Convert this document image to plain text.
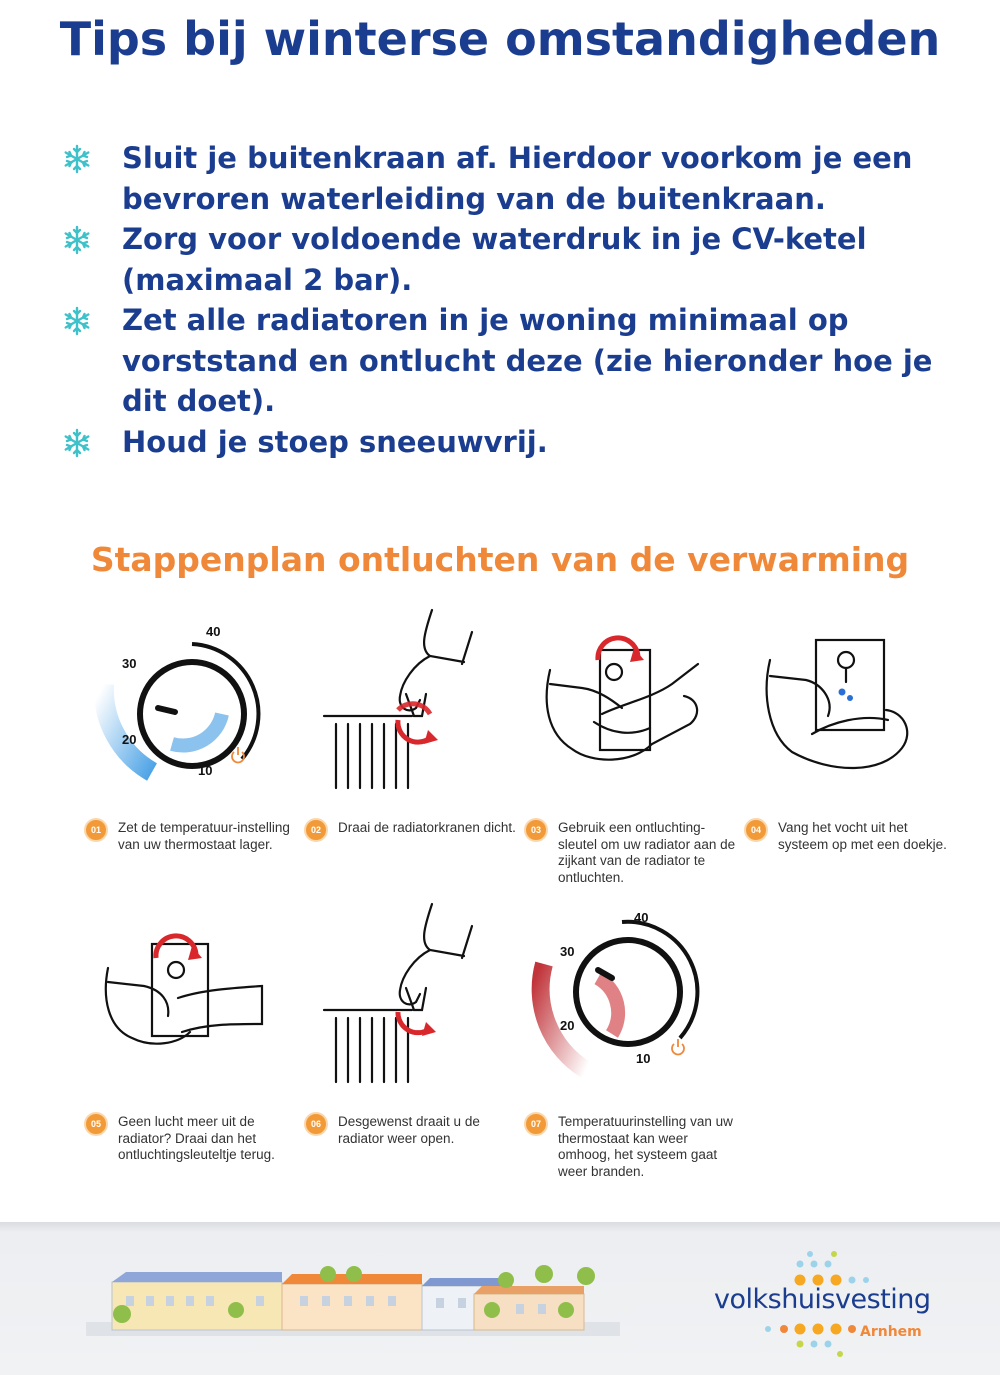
Tips bij winterse omstandigheden
Sluit je buitenkraan af. Hierdoor voorkom je een bevroren waterleiding van de buitenkraan.
Zorg voor voldoende waterdruk in je CV-ketel (maximaal 2 bar).
Zet alle radiatoren in je woning minimaal op vorststand en ontlucht deze (zie hieronder hoe je dit doet).
Houd je stoep sneeuwvrij.
Stappenplan ontluchten van de verwarming
40
30
20
10
01	Zet de temperatuur-instelling van uw thermostaat lager.
02	Draai de radiatorkranen dicht.	03	Gebruik een ontluchting-sleutel om uw radiator aan de zijkant van de radiator te ontluchten.
04	Vang het vocht uit het systeem op met een doekje.
05	Geen lucht meer uit de radiator? Draai dan het ontluchtingsleuteltje terug.
06	Desgewenst draait u de radiator weer open.
40
30
20
10
07	Temperatuurinstelling van uw thermostaat kan weer omhoog, het systeem gaat weer branden.
volkshuisvesting
Arnhem
